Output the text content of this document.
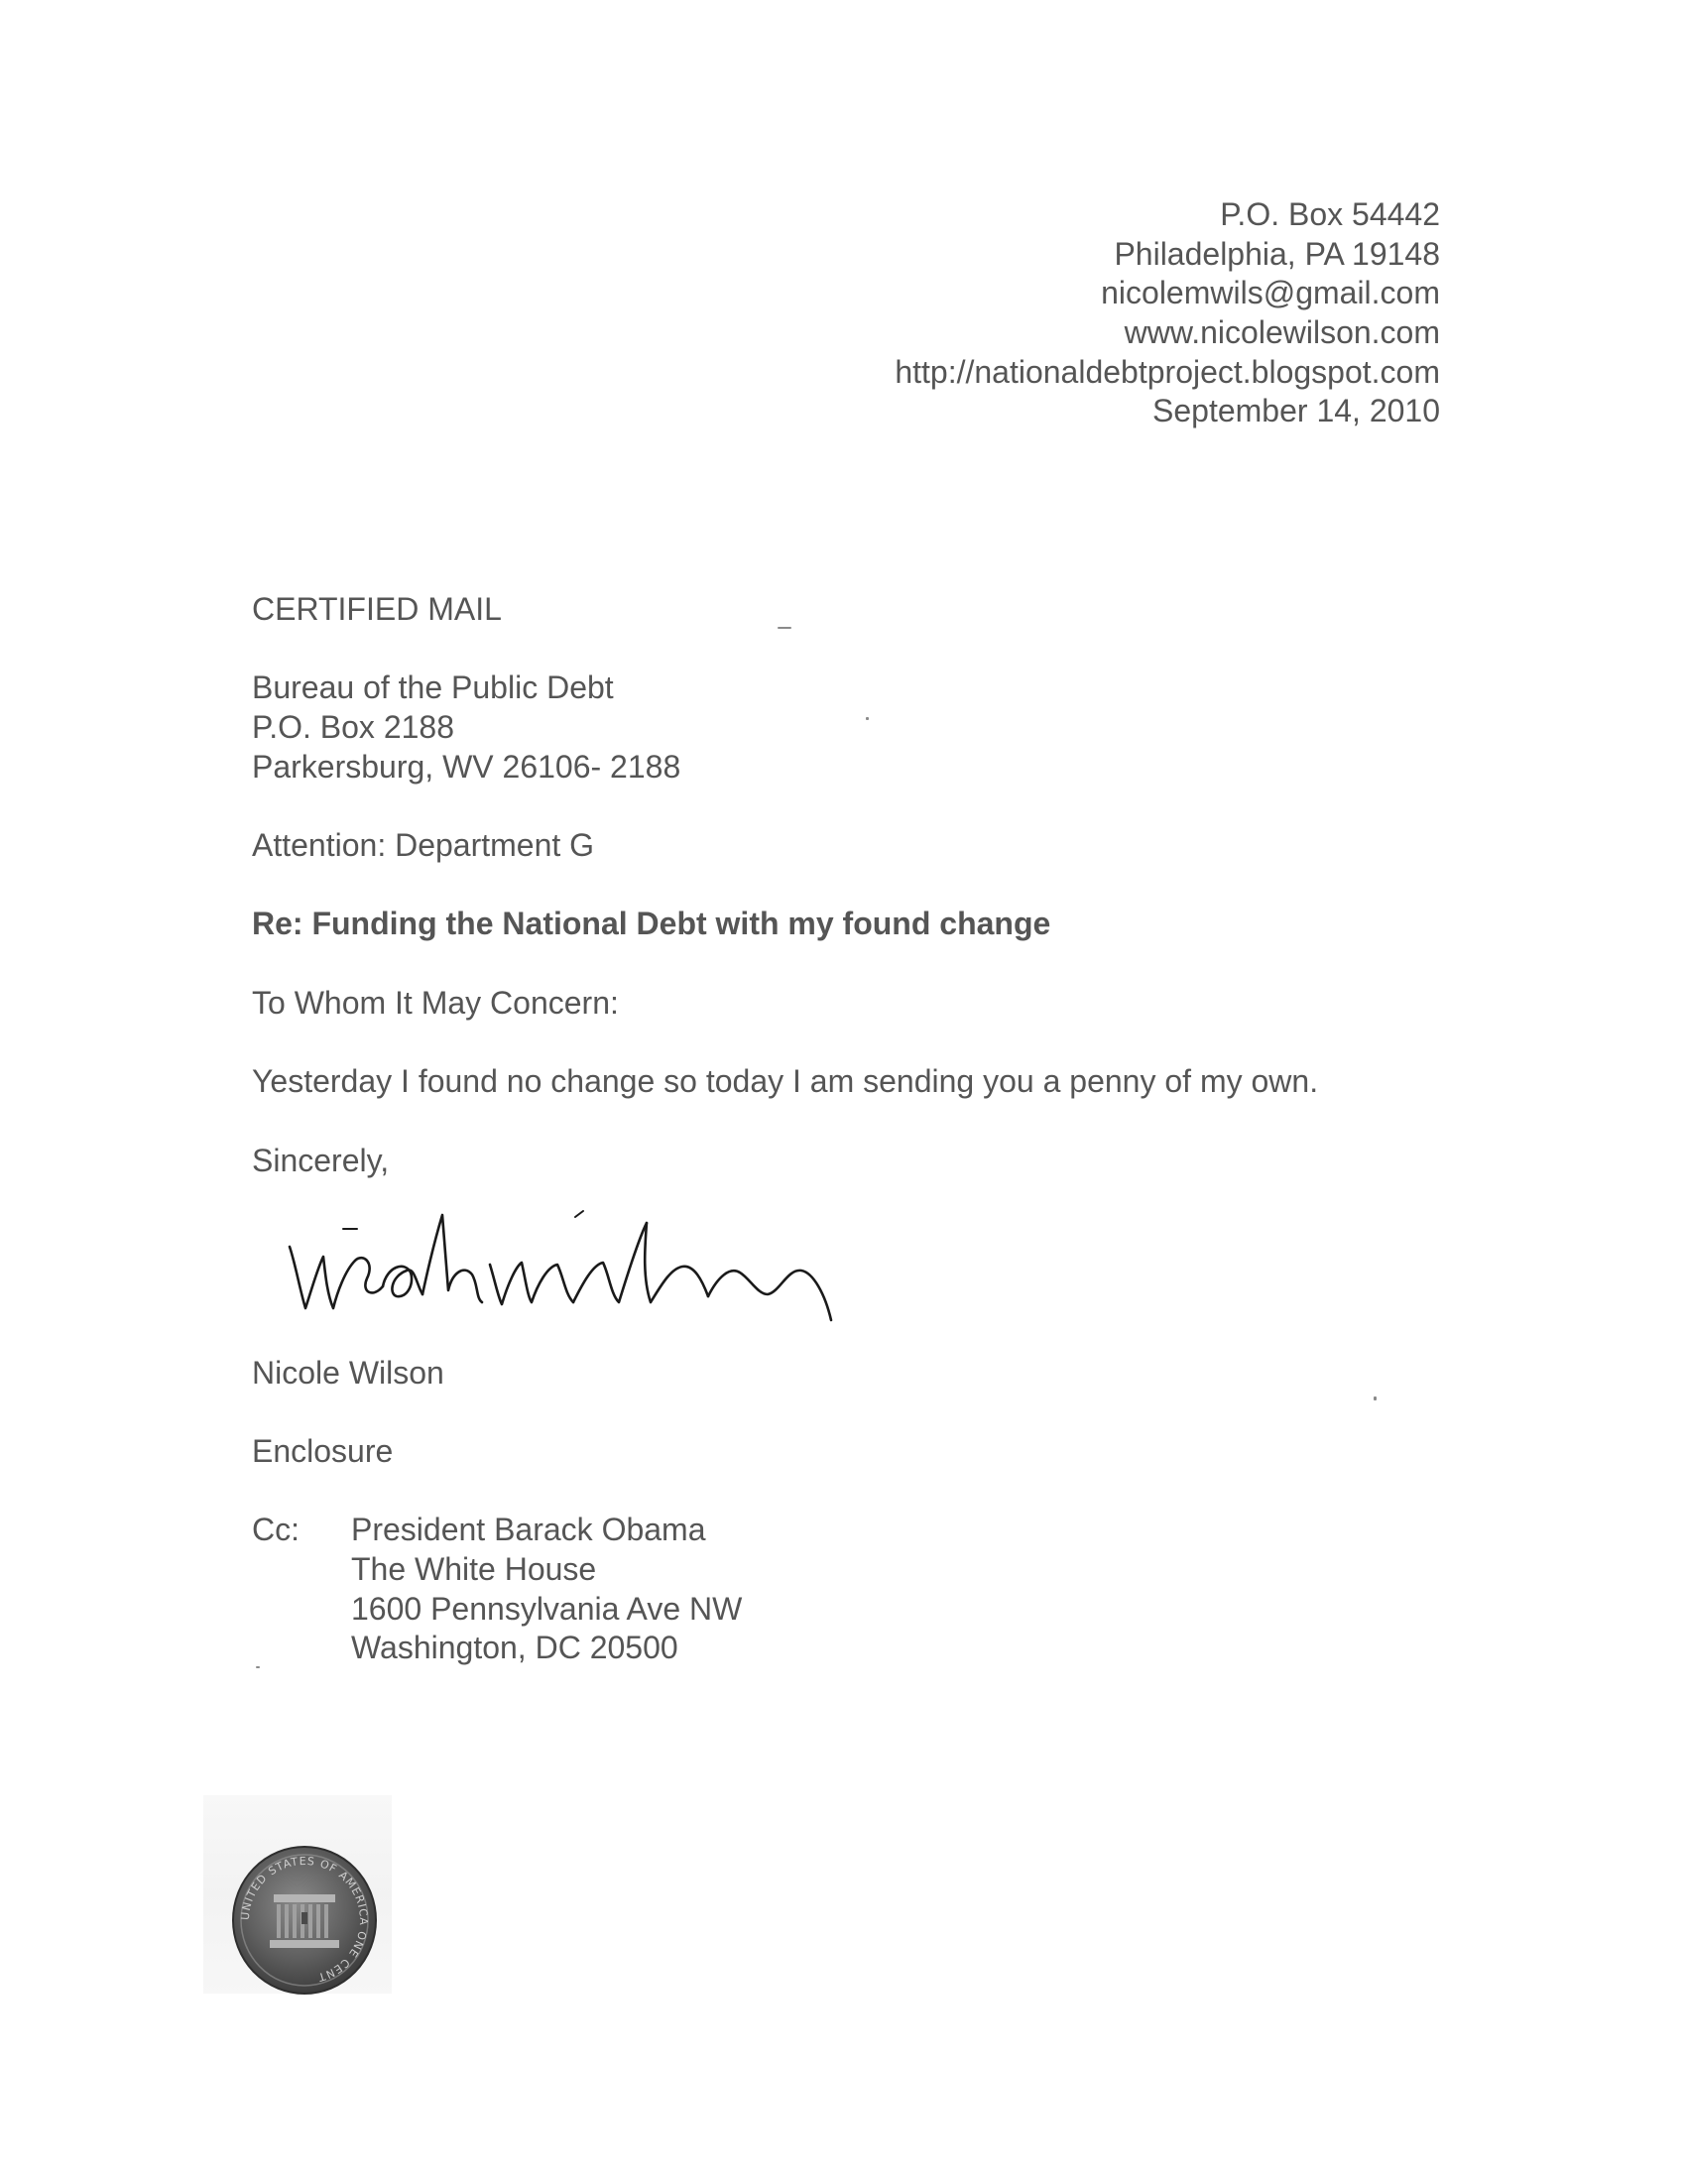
P.O. Box 54442
Philadelphia, PA 19148
nicolemwils@gmail.com
www.nicolewilson.com
http://nationaldebtproject.blogspot.com
September 14, 2010
CERTIFIED MAIL
Bureau of the Public Debt
P.O. Box 2188
Parkersburg, WV 26106- 2188
Attention: Department G
Re: Funding the National Debt with my found change
To Whom It May Concern:
Yesterday I found no change so today I am sending you a penny of my own.
Sincerely,
Nicole Wilson
Enclosure
Cc: President Barack Obama
The White House
1600 Pennsylvania Ave NW
Washington, DC 20500
UNITED STATES OF AMERICA ONE CENT
